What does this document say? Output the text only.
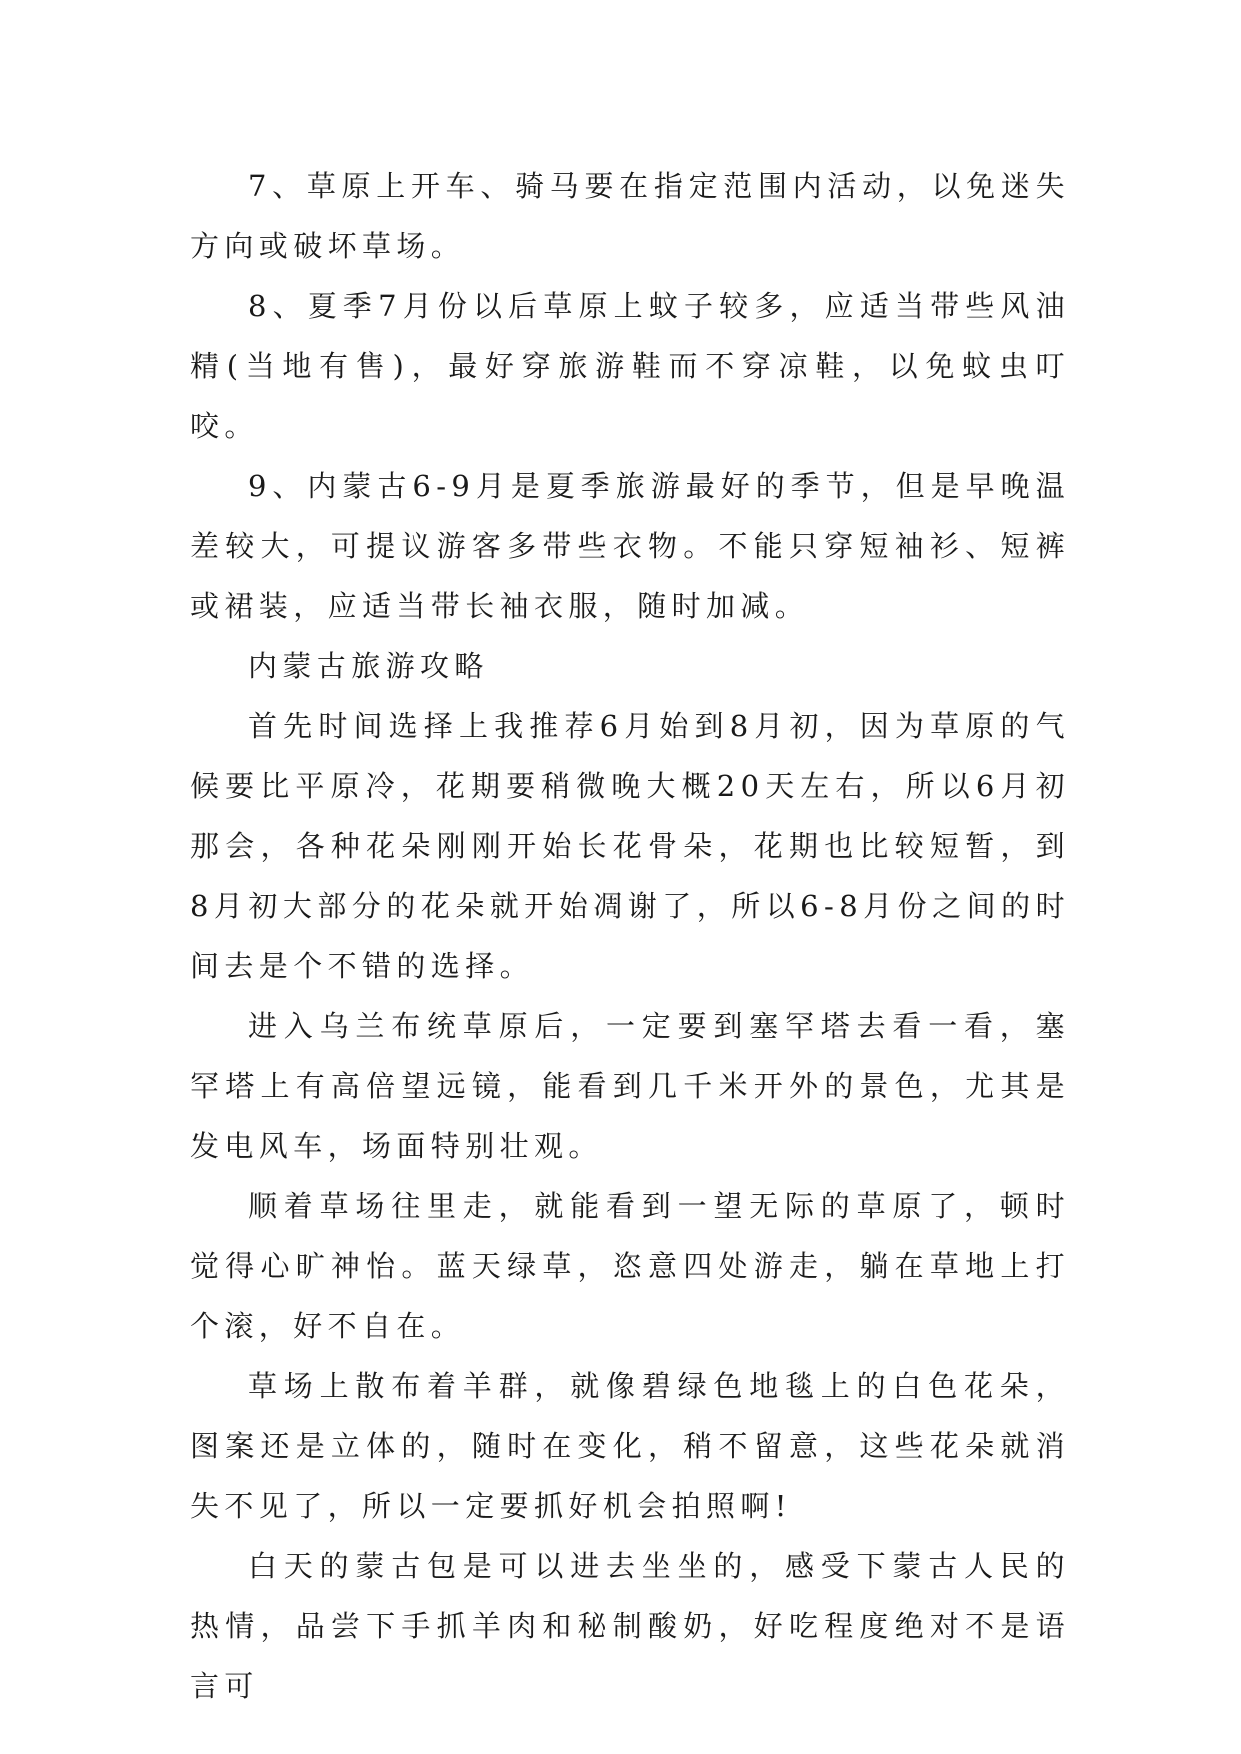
7、草原上开车、骑马要在指定范围内活动，以免迷失方向或破坏草场。

8、夏季7月份以后草原上蚊子较多，应适当带些风油精(当地有售)，最好穿旅游鞋而不穿凉鞋，以免蚊虫叮咬。

9、内蒙古6-9月是夏季旅游最好的季节，但是早晚温差较大，可提议游客多带些衣物。不能只穿短袖衫、短裤或裙装，应适当带长袖衣服，随时加减。

内蒙古旅游攻略

首先时间选择上我推荐6月始到8月初，因为草原的气候要比平原冷，花期要稍微晚大概20天左右，所以6月初那会，各种花朵刚刚开始长花骨朵，花期也比较短暂，到8月初大部分的花朵就开始凋谢了，所以6-8月份之间的时间去是个不错的选择。

进入乌兰布统草原后，一定要到塞罕塔去看一看，塞罕塔上有高倍望远镜，能看到几千米开外的景色，尤其是发电风车，场面特别壮观。

顺着草场往里走，就能看到一望无际的草原了，顿时觉得心旷神怡。蓝天绿草，恣意四处游走，躺在草地上打个滚，好不自在。

草场上散布着羊群，就像碧绿色地毯上的白色花朵，图案还是立体的，随时在变化，稍不留意，这些花朵就消失不见了，所以一定要抓好机会拍照啊!

白天的蒙古包是可以进去坐坐的，感受下蒙古人民的热情，品尝下手抓羊肉和秘制酸奶，好吃程度绝对不是语言可
